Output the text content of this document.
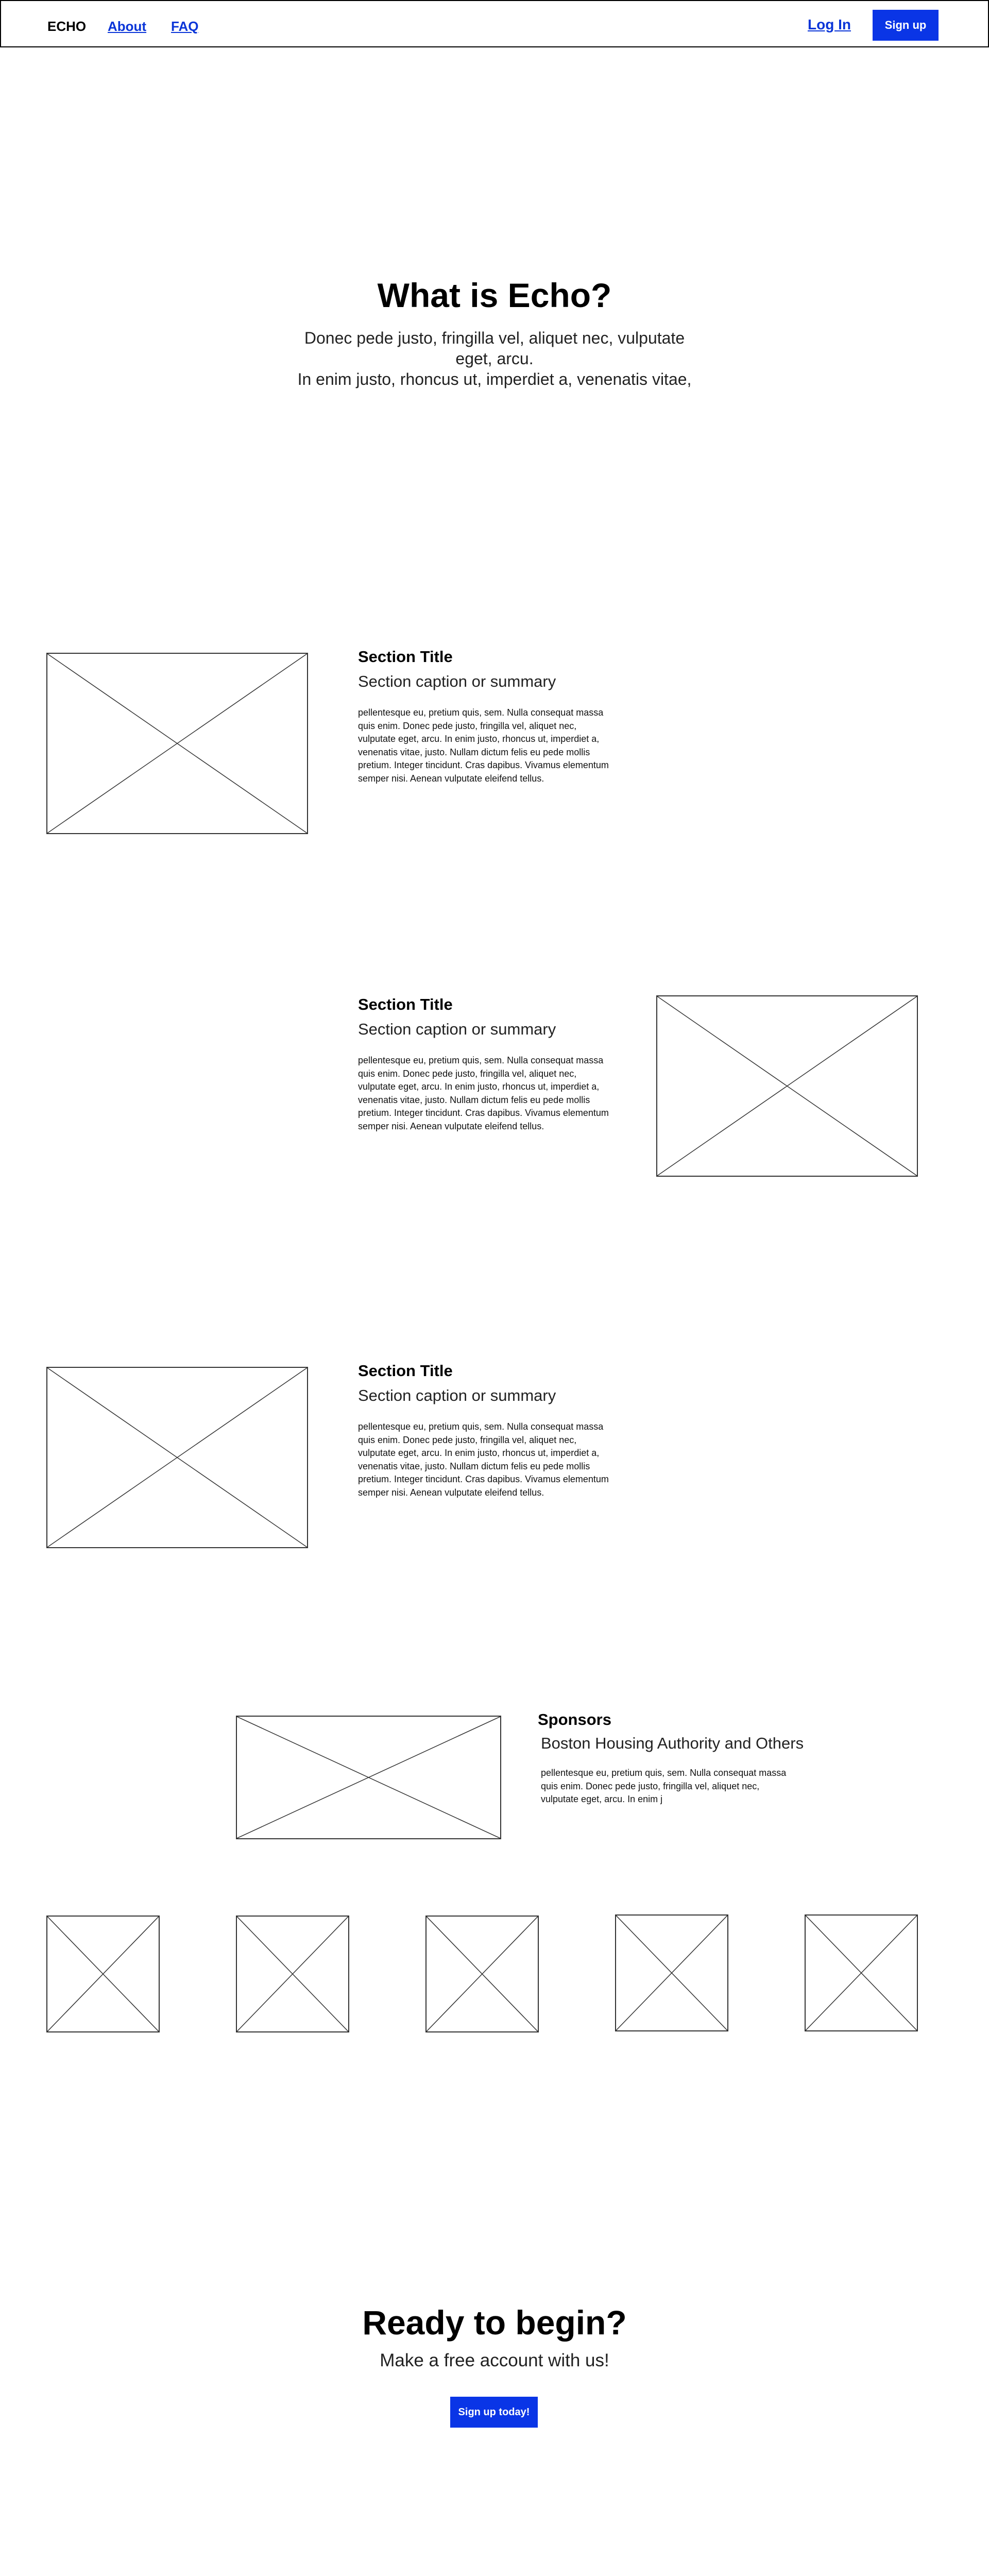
ECHO About FAQ	Log In	Sign up
What is Echo?
Donec pede justo, fringilla vel, aliquet nec, vulputate eget, arcu.
In enim justo, rhoncus ut, imperdiet a, venenatis vitae,
Section Title
Section caption or summary
pellentesque eu, pretium quis, sem. Nulla consequat massa quis enim. Donec pede justo, fringilla vel, aliquet nec, vulputate eget, arcu. In enim justo, rhoncus ut, imperdiet a, venenatis vitae, justo. Nullam dictum felis eu pede mollis pretium. Integer tincidunt. Cras dapibus. Vivamus elementum semper nisi. Aenean vulputate eleifend tellus.
Section Title
Section caption or summary
pellentesque eu, pretium quis, sem. Nulla consequat massa quis enim. Donec pede justo, fringilla vel, aliquet nec, vulputate eget, arcu. In enim justo, rhoncus ut, imperdiet a, venenatis vitae, justo. Nullam dictum felis eu pede mollis pretium. Integer tincidunt. Cras dapibus. Vivamus elementum semper nisi. Aenean vulputate eleifend tellus.
Section Title
Section caption or summary
pellentesque eu, pretium quis, sem. Nulla consequat massa quis enim. Donec pede justo, fringilla vel, aliquet nec, vulputate eget, arcu. In enim justo, rhoncus ut, imperdiet a, venenatis vitae, justo. Nullam dictum felis eu pede mollis pretium. Integer tincidunt. Cras dapibus. Vivamus elementum semper nisi. Aenean vulputate eleifend tellus.
Sponsors
Boston Housing Authority and Others
pellentesque eu, pretium quis, sem. Nulla consequat massa quis enim. Donec pede justo, fringilla vel, aliquet nec, vulputate eget, arcu. In enim j
Ready to begin?
Make a free account with us!
Sign up today!
